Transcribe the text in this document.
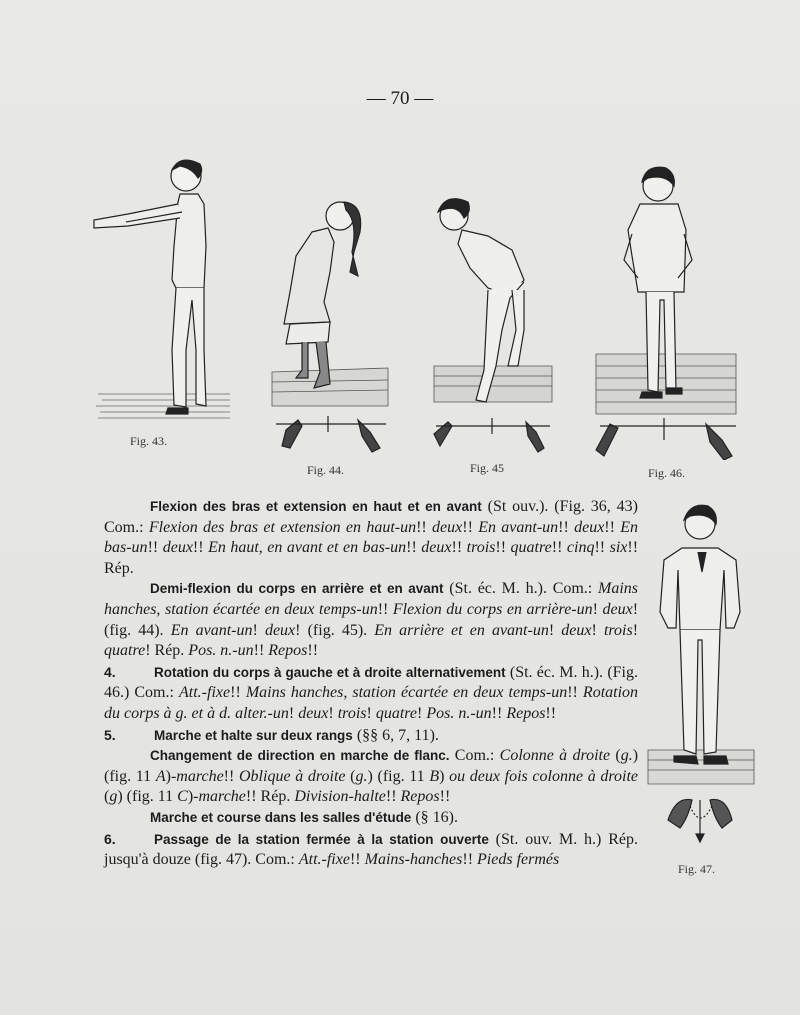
— 70 —
Fig. 43.
Fig. 44.	Fig. 45	Fig. 46.
Fig. 47.

Flexion des bras et extension en haut et en avant (St ouv.). (Fig. 36, 43) Com.: Flexion des bras et extension en haut-un!! deux!! En avant-un!! deux!! En bas-un!! deux!! En haut, en avant et en bas-un!! deux!! trois!! quatre!! cinq!! six!! Rép.

Demi-flexion du corps en arrière et en avant (St. éc. M. h.). Com.: Mains hanches, station écartée en deux temps-un!! Flexion du corps en arrière-un! deux! (fig. 44). En avant-un! deux! (fig. 45). En arrière et en avant-un! deux! trois! quatre! Rép. Pos. n.-un!! Repos!!

4.	Rotation du corps à gauche et à droite alternativement (St. éc. M. h.). (Fig. 46.) Com.: Att.-fixe!! Mains hanches, station écartée en deux temps-un!! Rotation du corps à g. et à d. alter.-un! deux! trois! quatre! Pos. n.-un!! Repos!!

5.	Marche et halte sur deux rangs (§§ 6, 7, 11).

Changement de direction en marche de flanc. Com.: Colonne à droite (g.) (fig. 11 A)-marche!! Oblique à droite (g.) (fig. 11 B) ou deux fois colonne à droite (g) (fig. 11 C)-marche!! Rép. Division-halte!! Repos!!

Marche et course dans les salles d'étude (§ 16).

6.	Passage de la station fermée à la station ouverte (St. ouv. M. h.) Rép. jusqu'à douze (fig. 47). Com.: Att.-fixe!! Mains-hanches!! Pieds fermés
